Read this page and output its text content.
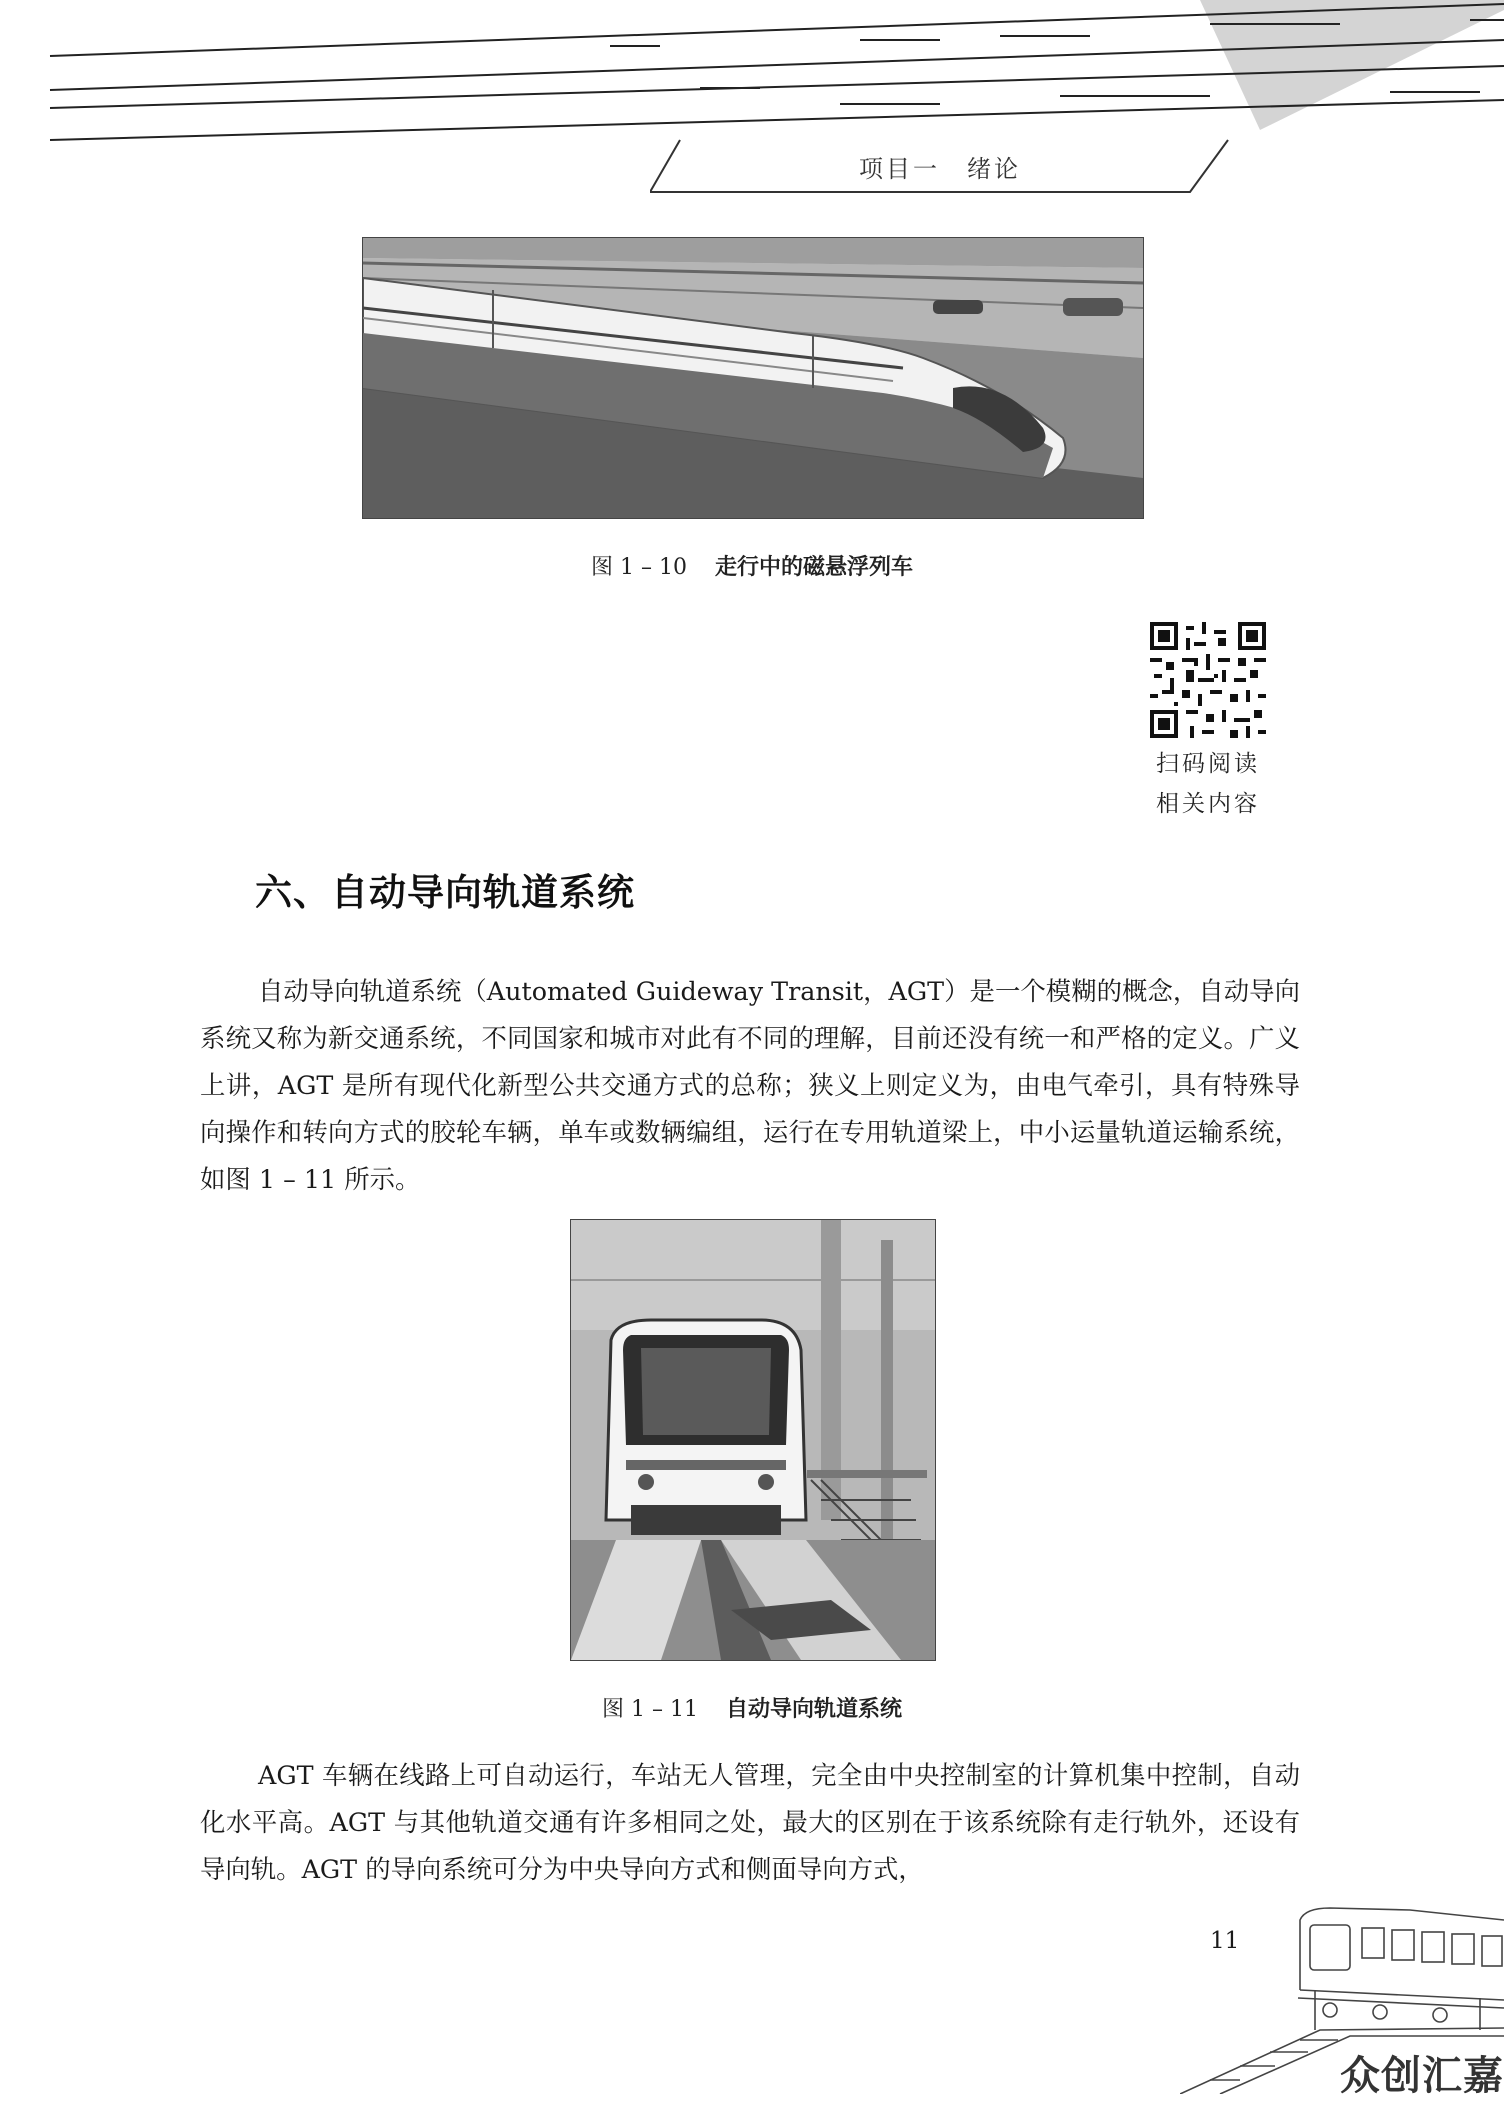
项目一　绪论
图 1 – 10 走行中的磁悬浮列车
扫码阅读
相关内容
六、自动导向轨道系统
自动导向轨道系统（Automated Guideway Transit，AGT）是一个模糊的概念，自动导向系统又称为新交通系统，不同国家和城市对此有不同的理解，目前还没有统一和严格的定义。广义上讲，AGT 是所有现代化新型公共交通方式的总称；狭义上则定义为，由电气牵引，具有特殊导向操作和转向方式的胶轮车辆，单车或数辆编组，运行在专用轨道梁上，中小运量轨道运输系统，如图 1 – 11 所示。
图 1 – 11 自动导向轨道系统
AGT 车辆在线路上可自动运行，车站无人管理，完全由中央控制室的计算机集中控制，自动化水平高。AGT 与其他轨道交通有许多相同之处，最大的区别在于该系统除有走行轨外，还设有导向轨。AGT 的导向系统可分为中央导向方式和侧面导向方式，
11
众创汇嘉
